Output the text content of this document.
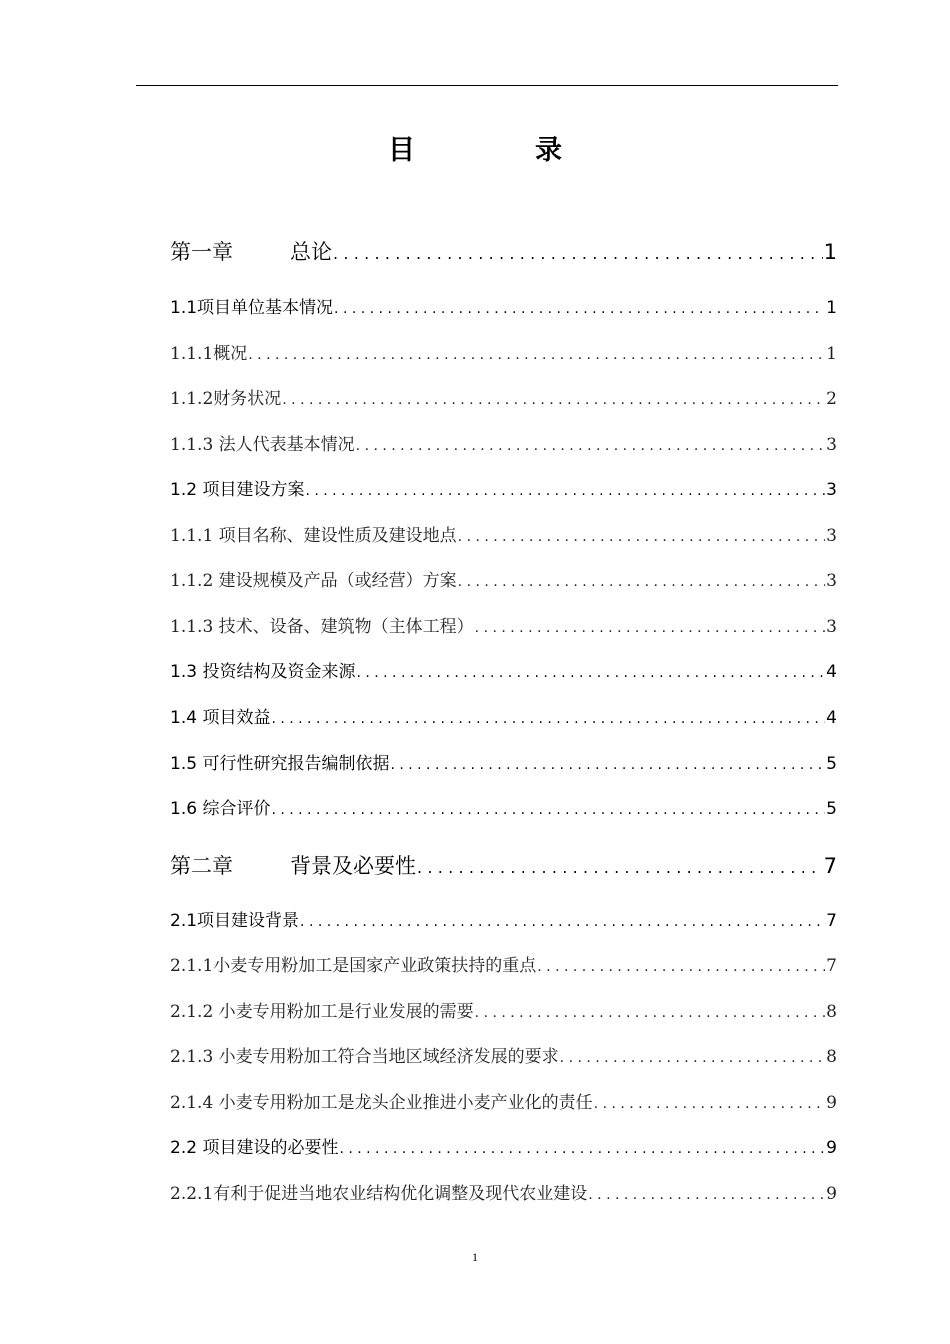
目	录
第一章	总论 . . .	1
1.1项目单位基本情况 . . .	1
1.1.1概况 . . .	1
1.1.2财务状况 . . .	2
1.1.3 法人代表基本情况 . . .	3
1.2 项目建设方案 . . .	3
1.1.1 项目名称、建设性质及建设地点 . . .	3
1.1.2 建设规模及产品（或经营）方案 . . .	3
1.1.3 技术、设备、建筑物（主体工程） . . .	3
1.3 投资结构及资金来源 . . .	4
1.4 项目效益 . . .	4
1.5 可行性研究报告编制依据 . . .	5
1.6 综合评价 . . .	5
第二章	背景及必要性 . . .	7
2.1项目建设背景 . . .	7
2.1.1小麦专用粉加工是国家产业政策扶持的重点 . . .	7
2.1.2 小麦专用粉加工是行业发展的需要 . . .	8
2.1.3 小麦专用粉加工符合当地区域经济发展的要求 . . .	8
2.1.4 小麦专用粉加工是龙头企业推进小麦产业化的责任 . . .	9
2.2 项目建设的必要性 . . .	9
2.2.1有利于促进当地农业结构优化调整及现代农业建设 . . .	9
1
